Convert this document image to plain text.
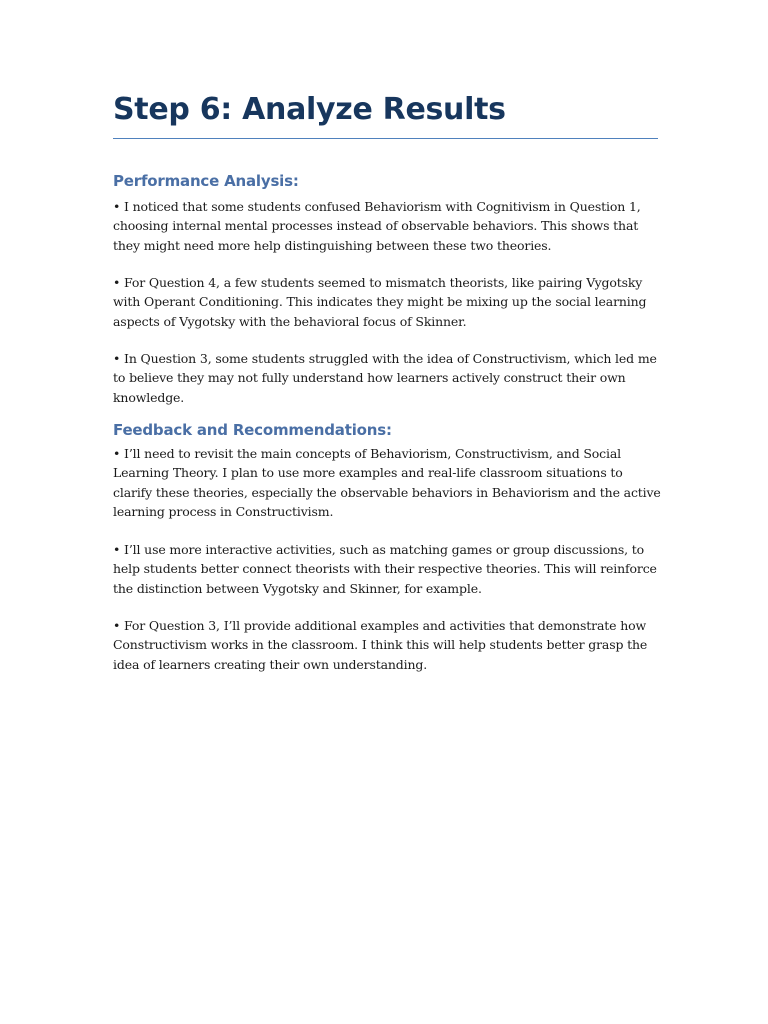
Step 6: Analyze Results
Performance Analysis:

• I noticed that some students confused Behaviorism with Cognitivism in Question 1, choosing internal mental processes instead of observable behaviors. This shows that they might need more help distinguishing between these two theories.

• For Question 4, a few students seemed to mismatch theorists, like pairing Vygotsky with Operant Conditioning. This indicates they might be mixing up the social learning aspects of Vygotsky with the behavioral focus of Skinner.

• In Question 3, some students struggled with the idea of Constructivism, which led me to believe they may not fully understand how learners actively construct their own knowledge.

Feedback and Recommendations:

• I’ll need to revisit the main concepts of Behaviorism, Constructivism, and Social Learning Theory. I plan to use more examples and real-life classroom situations to clarify these theories, especially the observable behaviors in Behaviorism and the active learning process in Constructivism.

• I’ll use more interactive activities, such as matching games or group discussions, to help students better connect theorists with their respective theories. This will reinforce the distinction between Vygotsky and Skinner, for example.

• For Question 3, I’ll provide additional examples and activities that demonstrate how Constructivism works in the classroom. I think this will help students better grasp the idea of learners creating their own understanding.
